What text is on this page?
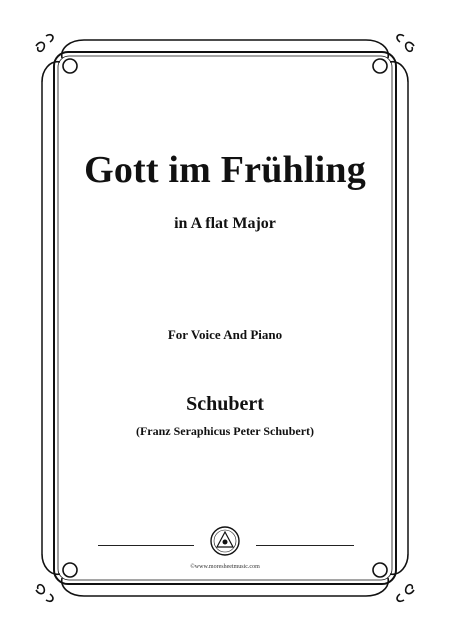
Gott im Frühling
in A flat Major
For Voice And Piano
Schubert
(Franz Seraphicus Peter Schubert)
©www.moresheetmusic.com
